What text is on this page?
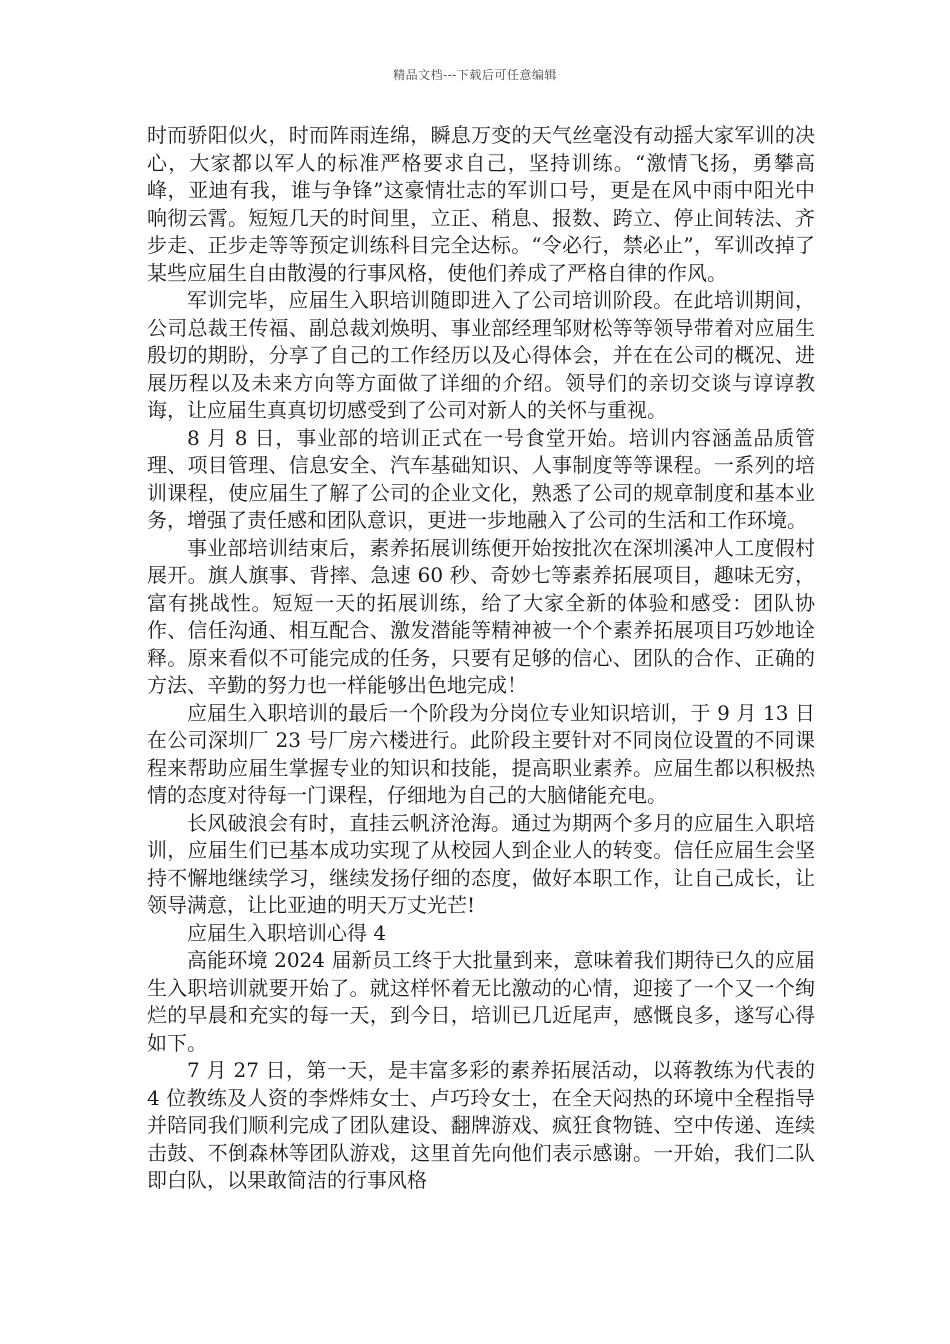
精品文档---下载后可任意编辑

时而骄阳似火，时而阵雨连绵，瞬息万变的天气丝毫没有动摇大家军训的决心，大家都以军人的标准严格要求自己，坚持训练。“激情飞扬，勇攀高峰，亚迪有我，谁与争锋”这豪情壮志的军训口号，更是在风中雨中阳光中响彻云霄。短短几天的时间里，立正、稍息、报数、跨立、停止间转法、齐步走、正步走等等预定训练科目完全达标。“令必行，禁必止”，军训改掉了某些应届生自由散漫的行事风格，使他们养成了严格自律的作风。

军训完毕，应届生入职培训随即进入了公司培训阶段。在此培训期间，公司总裁王传福、副总裁刘焕明、事业部经理邹财松等等领导带着对应届生殷切的期盼，分享了自己的工作经历以及心得体会，并在在公司的概况、进展历程以及未来方向等方面做了详细的介绍。领导们的亲切交谈与谆谆教诲，让应届生真真切切感受到了公司对新人的关怀与重视。

8 月 8 日，事业部的培训正式在一号食堂开始。培训内容涵盖品质管理、项目管理、信息安全、汽车基础知识、人事制度等等课程。一系列的培训课程，使应届生了解了公司的企业文化，熟悉了公司的规章制度和基本业务，增强了责任感和团队意识，更进一步地融入了公司的生活和工作环境。

事业部培训结束后，素养拓展训练便开始按批次在深圳溪冲人工度假村展开。旗人旗事、背摔、急速 60 秒、奇妙七等素养拓展项目，趣味无穷，富有挑战性。短短一天的拓展训练，给了大家全新的体验和感受：团队协作、信任沟通、相互配合、激发潜能等精神被一个个素养拓展项目巧妙地诠释。原来看似不可能完成的任务，只要有足够的信心、团队的合作、正确的方法、辛勤的努力也一样能够出色地完成！

应届生入职培训的最后一个阶段为分岗位专业知识培训，于 9 月 13 日在公司深圳厂 23 号厂房六楼进行。此阶段主要针对不同岗位设置的不同课程来帮助应届生掌握专业的知识和技能，提高职业素养。应届生都以积极热情的态度对待每一门课程，仔细地为自己的大脑储能充电。

长风破浪会有时，直挂云帆济沧海。通过为期两个多月的应届生入职培训，应届生们已基本成功实现了从校园人到企业人的转变。信任应届生会坚持不懈地继续学习，继续发扬仔细的态度，做好本职工作，让自己成长，让领导满意，让比亚迪的明天万丈光芒!

应届生入职培训心得 4

高能环境 2024 届新员工终于大批量到来，意味着我们期待已久的应届生入职培训就要开始了。就这样怀着无比激动的心情，迎接了一个又一个绚烂的早晨和充实的每一天，到今日，培训已几近尾声，感慨良多，遂写心得如下。

7 月 27 日，第一天，是丰富多彩的素养拓展活动，以蒋教练为代表的 4 位教练及人资的李烨炜女士、卢巧玲女士，在全天闷热的环境中全程指导并陪同我们顺利完成了团队建设、翻牌游戏、疯狂食物链、空中传递、连续击鼓、不倒森林等团队游戏，这里首先向他们表示感谢。一开始，我们二队即白队，以果敢简洁的行事风格
